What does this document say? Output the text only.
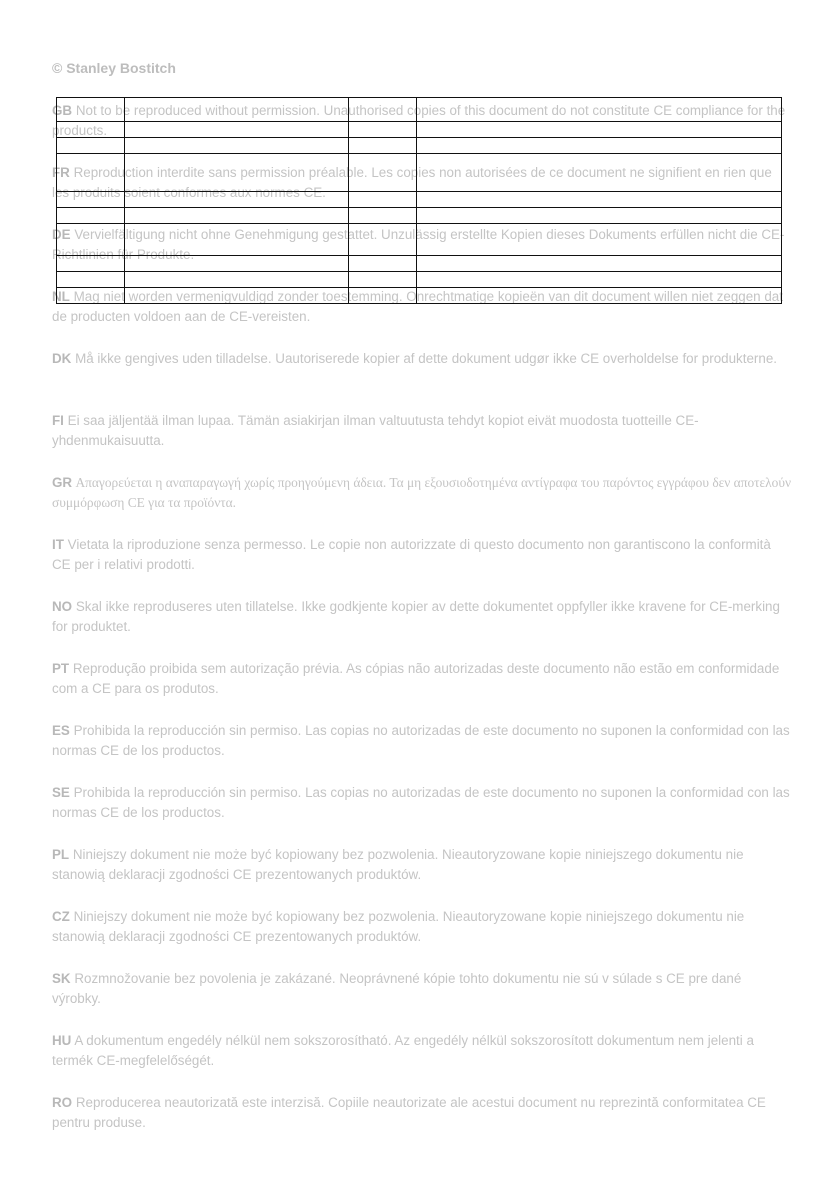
© Stanley Bostitch

GB Not to be reproduced without permission. Unauthorised copies of this document do not constitute CE compliance for the products.

FR Reproduction interdite sans permission préalable. Les copies non autorisées de ce document ne signifient en rien que les produits soient conformes aux normes CE.

DE Vervielfältigung nicht ohne Genehmigung gestattet. Unzulässig erstellte Kopien dieses Dokuments erfüllen nicht die CE-Richtlinien für Produkte.

NL Mag niet worden vermenigvuldigd zonder toestemming. Onrechtmatige kopieën van dit document willen niet zeggen dat de producten voldoen aan de CE-vereisten.

DK Må ikke gengives uden tilladelse. Uautoriserede kopier af dette dokument udgør ikke CE overholdelse for produkterne.

FI Ei saa jäljentää ilman lupaa. Tämän asiakirjan ilman valtuutusta tehdyt kopiot eivät muodosta tuotteille CE-yhdenmukaisuutta.

GR Απαγορεύεται η αναπαραγωγή χωρίς προηγούμενη άδεια. Τα μη εξουσιοδοτημένα αντίγραφα του παρόντος εγγράφου δεν αποτελούν συμμόρφωση CE για τα προϊόντα.

IT Vietata la riproduzione senza permesso. Le copie non autorizzate di questo documento non garantiscono la conformità CE per i relativi prodotti.

NO Skal ikke reproduseres uten tillatelse. Ikke godkjente kopier av dette dokumentet oppfyller ikke kravene for CE-merking for produktet.

PT Reprodução proibida sem autorização prévia. As cópias não autorizadas deste documento não estão em conformidade com a CE para os produtos.

ES Prohibida la reproducción sin permiso. Las copias no autorizadas de este documento no suponen la conformidad con las normas CE de los productos.

SE Prohibida la reproducción sin permiso. Las copias no autorizadas de este documento no suponen la conformidad con las normas CE de los productos.

PL Niniejszy dokument nie może być kopiowany bez pozwolenia. Nieautoryzowane kopie niniejszego dokumentu nie stanowią deklaracji zgodności CE prezentowanych produktów.

CZ Niniejszy dokument nie może być kopiowany bez pozwolenia. Nieautoryzowane kopie niniejszego dokumentu nie stanowią deklaracji zgodności CE prezentowanych produktów.

SK Rozmnožovanie bez povolenia je zakázané. Neoprávnené kópie tohto dokumentu nie sú v súlade s CE pre dané výrobky.

HU A dokumentum engedély nélkül nem sokszorosítható. Az engedély nélkül sokszorosított dokumentum nem jelenti a termék CE-megfelelőségét.

RO Reproducerea neautorizată este interzisă. Copiile neautorizate ale acestui document nu reprezintă conformitatea CE pentru produse.
